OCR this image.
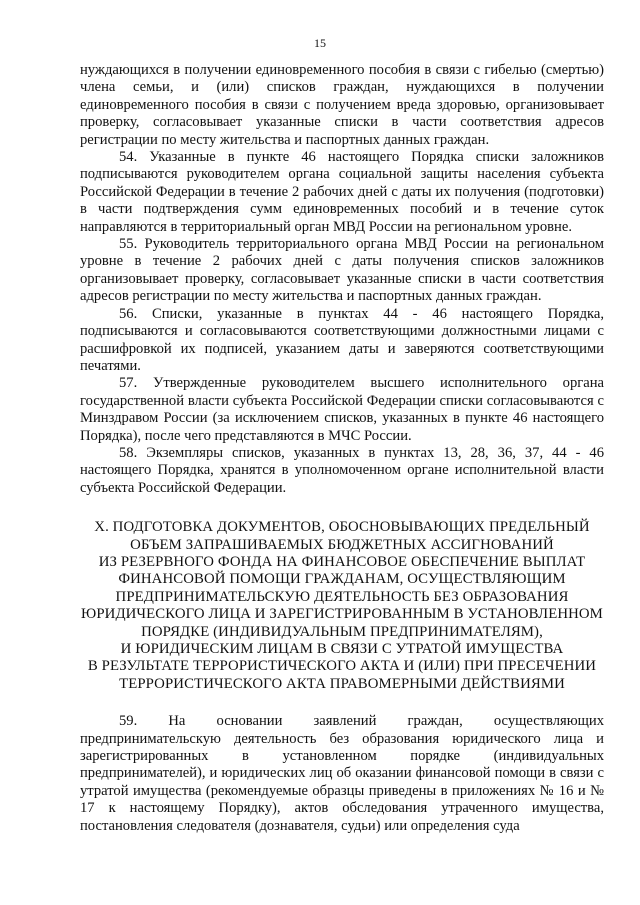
15

нуждающихся в получении единовременного пособия в связи с гибелью (смертью) члена семьи, и (или) списков граждан, нуждающихся в получении единовременного пособия в связи с получением вреда здоровью, организовывает проверку, согласовывает указанные списки в части соответствия адресов регистрации по месту жительства и паспортных данных граждан.

54. Указанные в пункте 46 настоящего Порядка списки заложников подписываются руководителем органа социальной защиты населения субъекта Российской Федерации в течение 2 рабочих дней с даты их получения (подготовки) в части подтверждения сумм единовременных пособий и в течение суток направляются в территориальный орган МВД России на региональном уровне.

55. Руководитель территориального органа МВД России на региональном уровне в течение 2 рабочих дней с даты получения списков заложников организовывает проверку, согласовывает указанные списки в части соответствия адресов регистрации по месту жительства и паспортных данных граждан.

56. Списки, указанные в пунктах 44 - 46 настоящего Порядка, подписываются и согласовываются соответствующими должностными лицами с расшифровкой их подписей, указанием даты и заверяются соответствующими печатями.

57. Утвержденные руководителем высшего исполнительного органа государственной власти субъекта Российской Федерации списки согласовываются с Минздравом России (за исключением списков, указанных в пункте 46 настоящего Порядка), после чего представляются в МЧС России.

58. Экземпляры списков, указанных в пунктах 13, 28, 36, 37, 44 - 46 настоящего Порядка, хранятся в уполномоченном органе исполнительной власти субъекта Российской Федерации.

X. ПОДГОТОВКА ДОКУМЕНТОВ, ОБОСНОВЫВАЮЩИХ ПРЕДЕЛЬНЫЙ
ОБЪЕМ ЗАПРАШИВАЕМЫХ БЮДЖЕТНЫХ АССИГНОВАНИЙ
ИЗ РЕЗЕРВНОГО ФОНДА НА ФИНАНСОВОЕ ОБЕСПЕЧЕНИЕ ВЫПЛАТ
ФИНАНСОВОЙ ПОМОЩИ ГРАЖДАНАМ, ОСУЩЕСТВЛЯЮЩИМ
ПРЕДПРИНИМАТЕЛЬСКУЮ ДЕЯТЕЛЬНОСТЬ БЕЗ ОБРАЗОВАНИЯ
ЮРИДИЧЕСКОГО ЛИЦА И ЗАРЕГИСТРИРОВАННЫМ В УСТАНОВЛЕННОМ
ПОРЯДКЕ (ИНДИВИДУАЛЬНЫМ ПРЕДПРИНИМАТЕЛЯМ),
И ЮРИДИЧЕСКИМ ЛИЦАМ В СВЯЗИ С УТРАТОЙ ИМУЩЕСТВА
В РЕЗУЛЬТАТЕ ТЕРРОРИСТИЧЕСКОГО АКТА И (ИЛИ) ПРИ ПРЕСЕЧЕНИИ
ТЕРРОРИСТИЧЕСКОГО АКТА ПРАВОМЕРНЫМИ ДЕЙСТВИЯМИ

59. На основании заявлений граждан, осуществляющих предпринимательскую деятельность без образования юридического лица и зарегистрированных в установленном порядке (индивидуальных предпринимателей), и юридических лиц об оказании финансовой помощи в связи с утратой имущества (рекомендуемые образцы приведены в приложениях № 16 и № 17 к настоящему Порядку), актов обследования утраченного имущества, постановления следователя (дознавателя, судьи) или определения суда
